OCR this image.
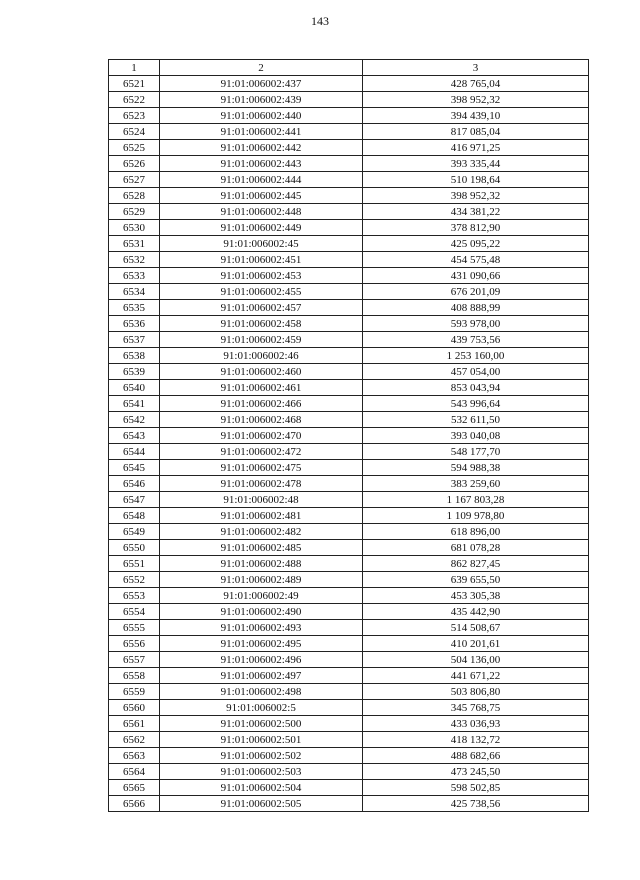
143
1	2	3
6521	91:01:006002:437	428 765,04
6522	91:01:006002:439	398 952,32
6523	91:01:006002:440	394 439,10
6524	91:01:006002:441	817 085,04
6525	91:01:006002:442	416 971,25
6526	91:01:006002:443	393 335,44
6527	91:01:006002:444	510 198,64
6528	91:01:006002:445	398 952,32
6529	91:01:006002:448	434 381,22
6530	91:01:006002:449	378 812,90
6531	91:01:006002:45	425 095,22
6532	91:01:006002:451	454 575,48
6533	91:01:006002:453	431 090,66
6534	91:01:006002:455	676 201,09
6535	91:01:006002:457	408 888,99
6536	91:01:006002:458	593 978,00
6537	91:01:006002:459	439 753,56
6538	91:01:006002:46	1 253 160,00
6539	91:01:006002:460	457 054,00
6540	91:01:006002:461	853 043,94
6541	91:01:006002:466	543 996,64
6542	91:01:006002:468	532 611,50
6543	91:01:006002:470	393 040,08
6544	91:01:006002:472	548 177,70
6545	91:01:006002:475	594 988,38
6546	91:01:006002:478	383 259,60
6547	91:01:006002:48	1 167 803,28
6548	91:01:006002:481	1 109 978,80
6549	91:01:006002:482	618 896,00
6550	91:01:006002:485	681 078,28
6551	91:01:006002:488	862 827,45
6552	91:01:006002:489	639 655,50
6553	91:01:006002:49	453 305,38
6554	91:01:006002:490	435 442,90
6555	91:01:006002:493	514 508,67
6556	91:01:006002:495	410 201,61
6557	91:01:006002:496	504 136,00
6558	91:01:006002:497	441 671,22
6559	91:01:006002:498	503 806,80
6560	91:01:006002:5	345 768,75
6561	91:01:006002:500	433 036,93
6562	91:01:006002:501	418 132,72
6563	91:01:006002:502	488 682,66
6564	91:01:006002:503	473 245,50
6565	91:01:006002:504	598 502,85
6566	91:01:006002:505	425 738,56
